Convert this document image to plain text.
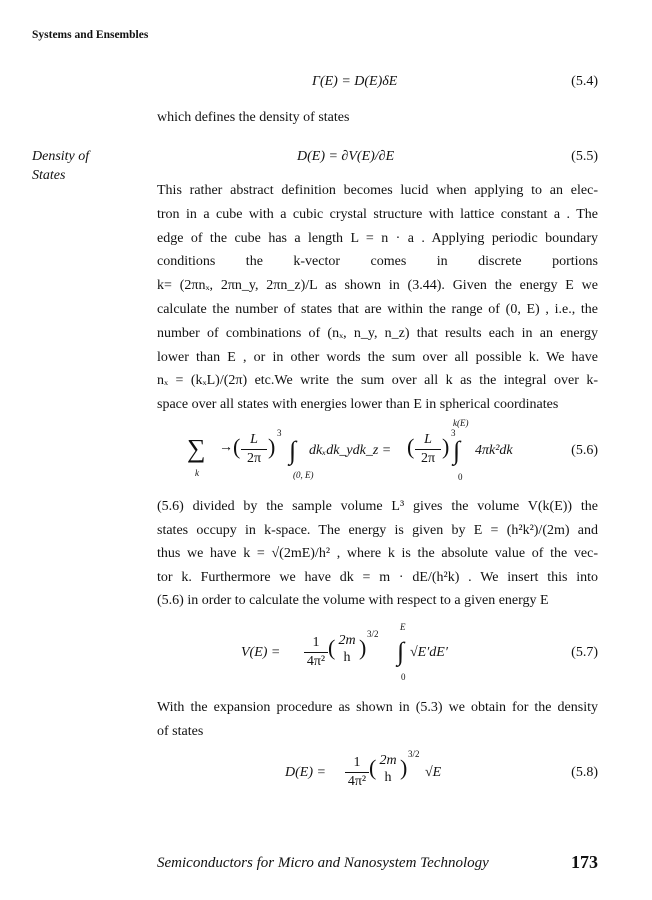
Systems and Ensembles
Γ(E) = D(E)δE	(5.4)
which defines the density of states
Density of
States
D(E) = ∂V(E)/∂E	(5.5)
This rather abstract definition becomes lucid when applying to an elec-
tron in a cube with a cubic crystal structure with lattice constant a . The
edge of the cube has a length L = n · a . Applying periodic boundary
conditions the k-vector comes in discrete portions
k= (2πnₓ, 2πn_y, 2πn_z)/L as shown in (3.44). Given the energy E we
calculate the number of states that are within the range of (0, E) , i.e., the
number of combinations of (nₓ, n_y, n_z) that results each in an energy
lower than E , or in other words the sum over all possible k. We have
nₓ = (kₓL)/(2π) etc.We write the sum over all k as the integral over k-
space over all states with energies lower than E in spherical coordinates
∑
k
→ ( L
2π )
3
∫
(0, E)
dkₓdk_ydk_z = ( L
2π )
3
k(E)
∫
0
4πk²dk	(5.6)
(5.6) divided by the sample volume L³ gives the volume V(k(E)) the
states occupy in k-space. The energy is given by E = (h²k²)/(2m) and
thus we have k = √(2mE)/h² , where k is the absolute value of the vec-
tor k. Furthermore we have dk = m · dE/(h²k) . We insert this into
(5.6) in order to calculate the volume with respect to a given energy E
V(E) =
1
4π²
( 2m
h )
3/2
E
∫
0
√E′dE′	(5.7)
With the expansion procedure as shown in (5.3) we obtain for the density
of states
D(E) =
1
4π²
( 2m
h )
3/2
√E	(5.8)
Semiconductors for Micro and Nanosystem Technology	173
